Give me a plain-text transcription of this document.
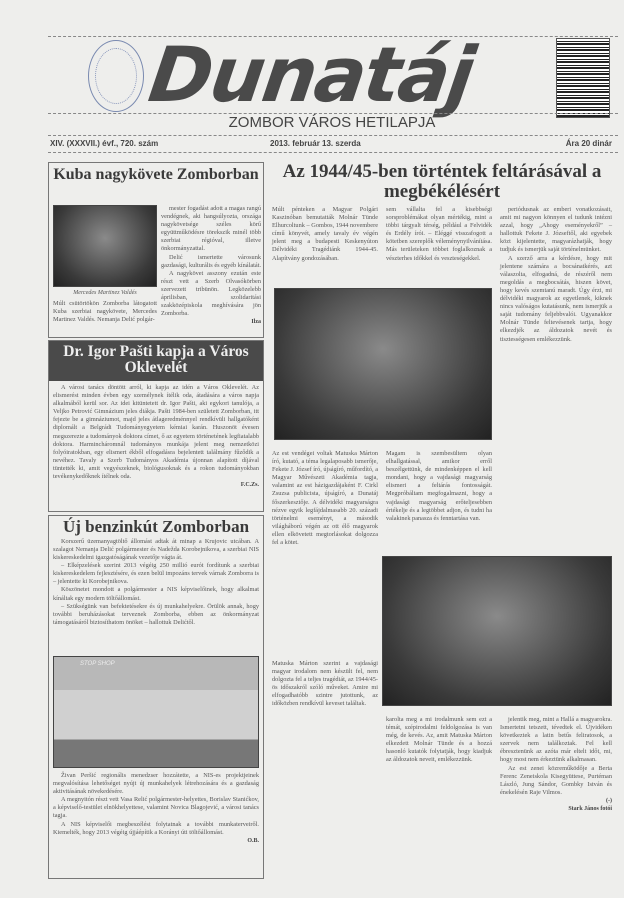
Dunatáj
ZOMBOR VÁROS HETILAPJA
XIV. (XXXVII.) évf., 720. szám	2013. február 13. szerda	Ára 20 dinár
Kuba nagykövete Zomborban
Mercedes Martinez Valdés
Múlt csütörtökön Zomborba látogatott Kuba szerbiai nagykövete, Mercedes Martinez Valdés. Nemanja Delić polgár-

mester fogadást adott a magas rangú vendégnek, aki hangsúlyozta, országa nagykövetsége széles körű együttműködésre törekszik minél több szerbiai régióval, illetve önkormányzattal.

Delić ismertette városunk gazdasági, kulturális és egyéb kínálatát.

A nagykövet asszony ezután este részt vett a Szerb Olvasókörben szervezett tribünön. Legközelebb áprilisban, szolidaritási szakközépiskola meghívására jön Zomborba.

Ilza
Dr. Igor Pašti kapja a Város Oklevelét

A városi tanács döntött arról, ki kapja az idén a Város Oklevelét. Az elismerést minden évben egy személynek ítélik oda, átadására a város napja alkalmából kerül sor. Az idei kitüntetett dr. Igor Pašti, aki egykori tanulója, a Veljko Petrović Gimnázium jeles diákja. Pašti 1984-ben született Zomborban, itt fejezte be a gimnáziumot, majd jeles átlageredménnyel rendkívüli hallgatóként diplomált a Belgrádi Tudományegyetem kémiai karán. Huszonöt évesen megszerezte a tudományok doktora címet, ő az egyetem történetének legfiatalabb doktora. Harmincháromnál tudományos munkája jelent meg nemzetközi folyóiratokban, egy elismert ékből elfogadásra bejelentett találmány fűződik a nevéhez. Tavaly a Szerb Tudományos Akadémia újonnan alapított díjával tüntették ki, amit vegyészeknek, biológusoknak és a rokon tudományokban tevékenykedőknek ítélnek oda.

F.C.Zs.
Új benzinkút Zomborban

Korszerű üzemanyagtöltő állomást adtak át minap a Krujovic utcában. A szalagot Nemanja Delić polgármester és Nadežda Korobejnikova, a szerbiai NIS kiskereskedelmi igazgatóságának vezetője vágta át.

– Elképzelések szerint 2013 végéig 250 millió eurót fordítunk a szerbiai kiskereskedelem fejlesztésére, és ezen belül impozáns tervek várnak Zomborra is – jelentette ki Korobejnikova.

Köszönetet mondott a polgármester a NIS képviselőinek, hogy alkalmat kínáltak egy modern töltőállomást.

– Szükségünk van befektetésekre és új munkahelyekre. Örülök annak, hogy további beruházásokat terveznek Zomborba, ebben az önkormányzat támogatásáról biztosíthatom önöket – hallottuk Delićtől.

STOP SHOP

Živan Peršić regionális menedzser hozzátette, a NIS-es projektjeinek megvalósítása lehetőséget nyújt új munkahelyek létrehozására és a gazdaság aktivitásának növekedésére.

A megnyitón részt vett Vasa Relić polgármester-helyettes, Borislav Stanićkov, a képviselő-testület elnökhelyettese, valamint Novica Blagojević, a városi tanács tagja.

A NIS képviselői megbeszélést folytatnak a további munkaterveiről. Kiemelték, hogy 2013 végéig újjáépítik a Korányi úti töltőállomást.

O.B.
Az 1944/45-ben történtek feltárásával a megbékélésért
Múlt pénteken a Magyar Polgári Kaszinóban bemutatták Molnár Tünde Elhurcoltunk – Gombos, 1944 novembere című könyvét, amely tavaly év végén jelent meg a budapesti Keskenyúton Délvidéki Tragédiánk 1944-45. Alapítvány gondozásában.
sem vállalta fel a kisebbségi sorsproblémákat olyan mértékig, mint a többi tárgyalt térség, például a Felvidék és Erdély írói. – Eléggé visszafogott a kötetben szereplők véleménynyilvánítása. Más területeken többet foglalkoznak a vészterhes időkkel és veszteségekkel.

periódusnak az emberi vonatkozásait, amit mi nagyon könnyen el tudunk intézni azzal, hogy „Ahogy eseményekről” – hallottuk Fekete J. Józseftől, aki egyebek közt kijelentette, magyarázhatják, hogy tudjuk és ismerjük saját történelmünket.

A szerző arra a kérdésre, hogy mit jelentene számára a bocsánatkérés, azt válaszolta, elfogadná, de részéről nem megoldás a megbocsátás, hiszen követ, hogy kevés szemtanú maradt. Úgy érzi, mi délvidéki magyarok az egyetlenek, kiknek nincs valóságos kutatásunk, nem ismerjük a saját tudomány feljebbvalói. Ugyanakkor Molnár Tünde feltevésenek tartja, hogy elkezdjék az áldozatok nevét és tisztességesen emlékezzünk.

Az est vendégei voltak Matuska Márton író, kutató, a téma legalaposabb ismerője, Fekete J. József író, újságíró, műfordító, a Magyar Művészeti Akadémia tagja, valamint az est házigazdájaként F. Cirkl Zsuzsa publicista, újságíró, a Dunatáj főszerkesztője. A délvidéki magyarságra nézve egyik legfájdalmasabb 20. századi történelmi eseményt, a második világháború végén az ott élő magyarok ellen elkövetett megtorlásokat dolgozza fel a kötet.
Magam is szembesültem olyan elhallgatással, amikor erről beszélgettünk, de mindenképpen el kell mondani, hogy a vajdasági magyarság elismeri a feltárás fontosságát. Megpróbáltam megfogalmazni, hogy a vajdasági magyarság erőteljesebben értékelje és a legtöbbet adjon, és tudni ha valakinek panasza és fenntartása van.
Matuska Márton szerint a vajdasági magyar irodalom nem készült fel, nem dolgozta fel a teljes tragédiát, az 1944/45-ös időszakról szóló műveket. Amire mi elfogadhatóbb szintre jutottunk, az időközben rendkívül keveset találtak.
karolta meg a mi irodalmunk sem ezt a témát, szépirodalmi feldolgozása is van még, de kevés. Az, amit Matuska Márton elkezdett Molnár Tünde és a hozzá hasonló kutatók folytatják, hogy kiadjuk az áldozatok neveit, emlékezzünk.

jelentik meg, mint a Hallá a magyarokra. Ismertetni tetszett, tévedtek el. Újvidéken következtek a latin betűs feliratosok, a szervek nem találkoztak. Fel kell ébresztenünk az azóta már eltelt időt, mi, hogy most nem érkeztünk alkalmasan.

Az est zenei közreműködője a Berta Ferenc Zeneiskola Kisegyüttese, Purtéman László, Jung Sándor, Gombky István és énekelésén Raje Vilmos.

(-)
Stark János fotói
